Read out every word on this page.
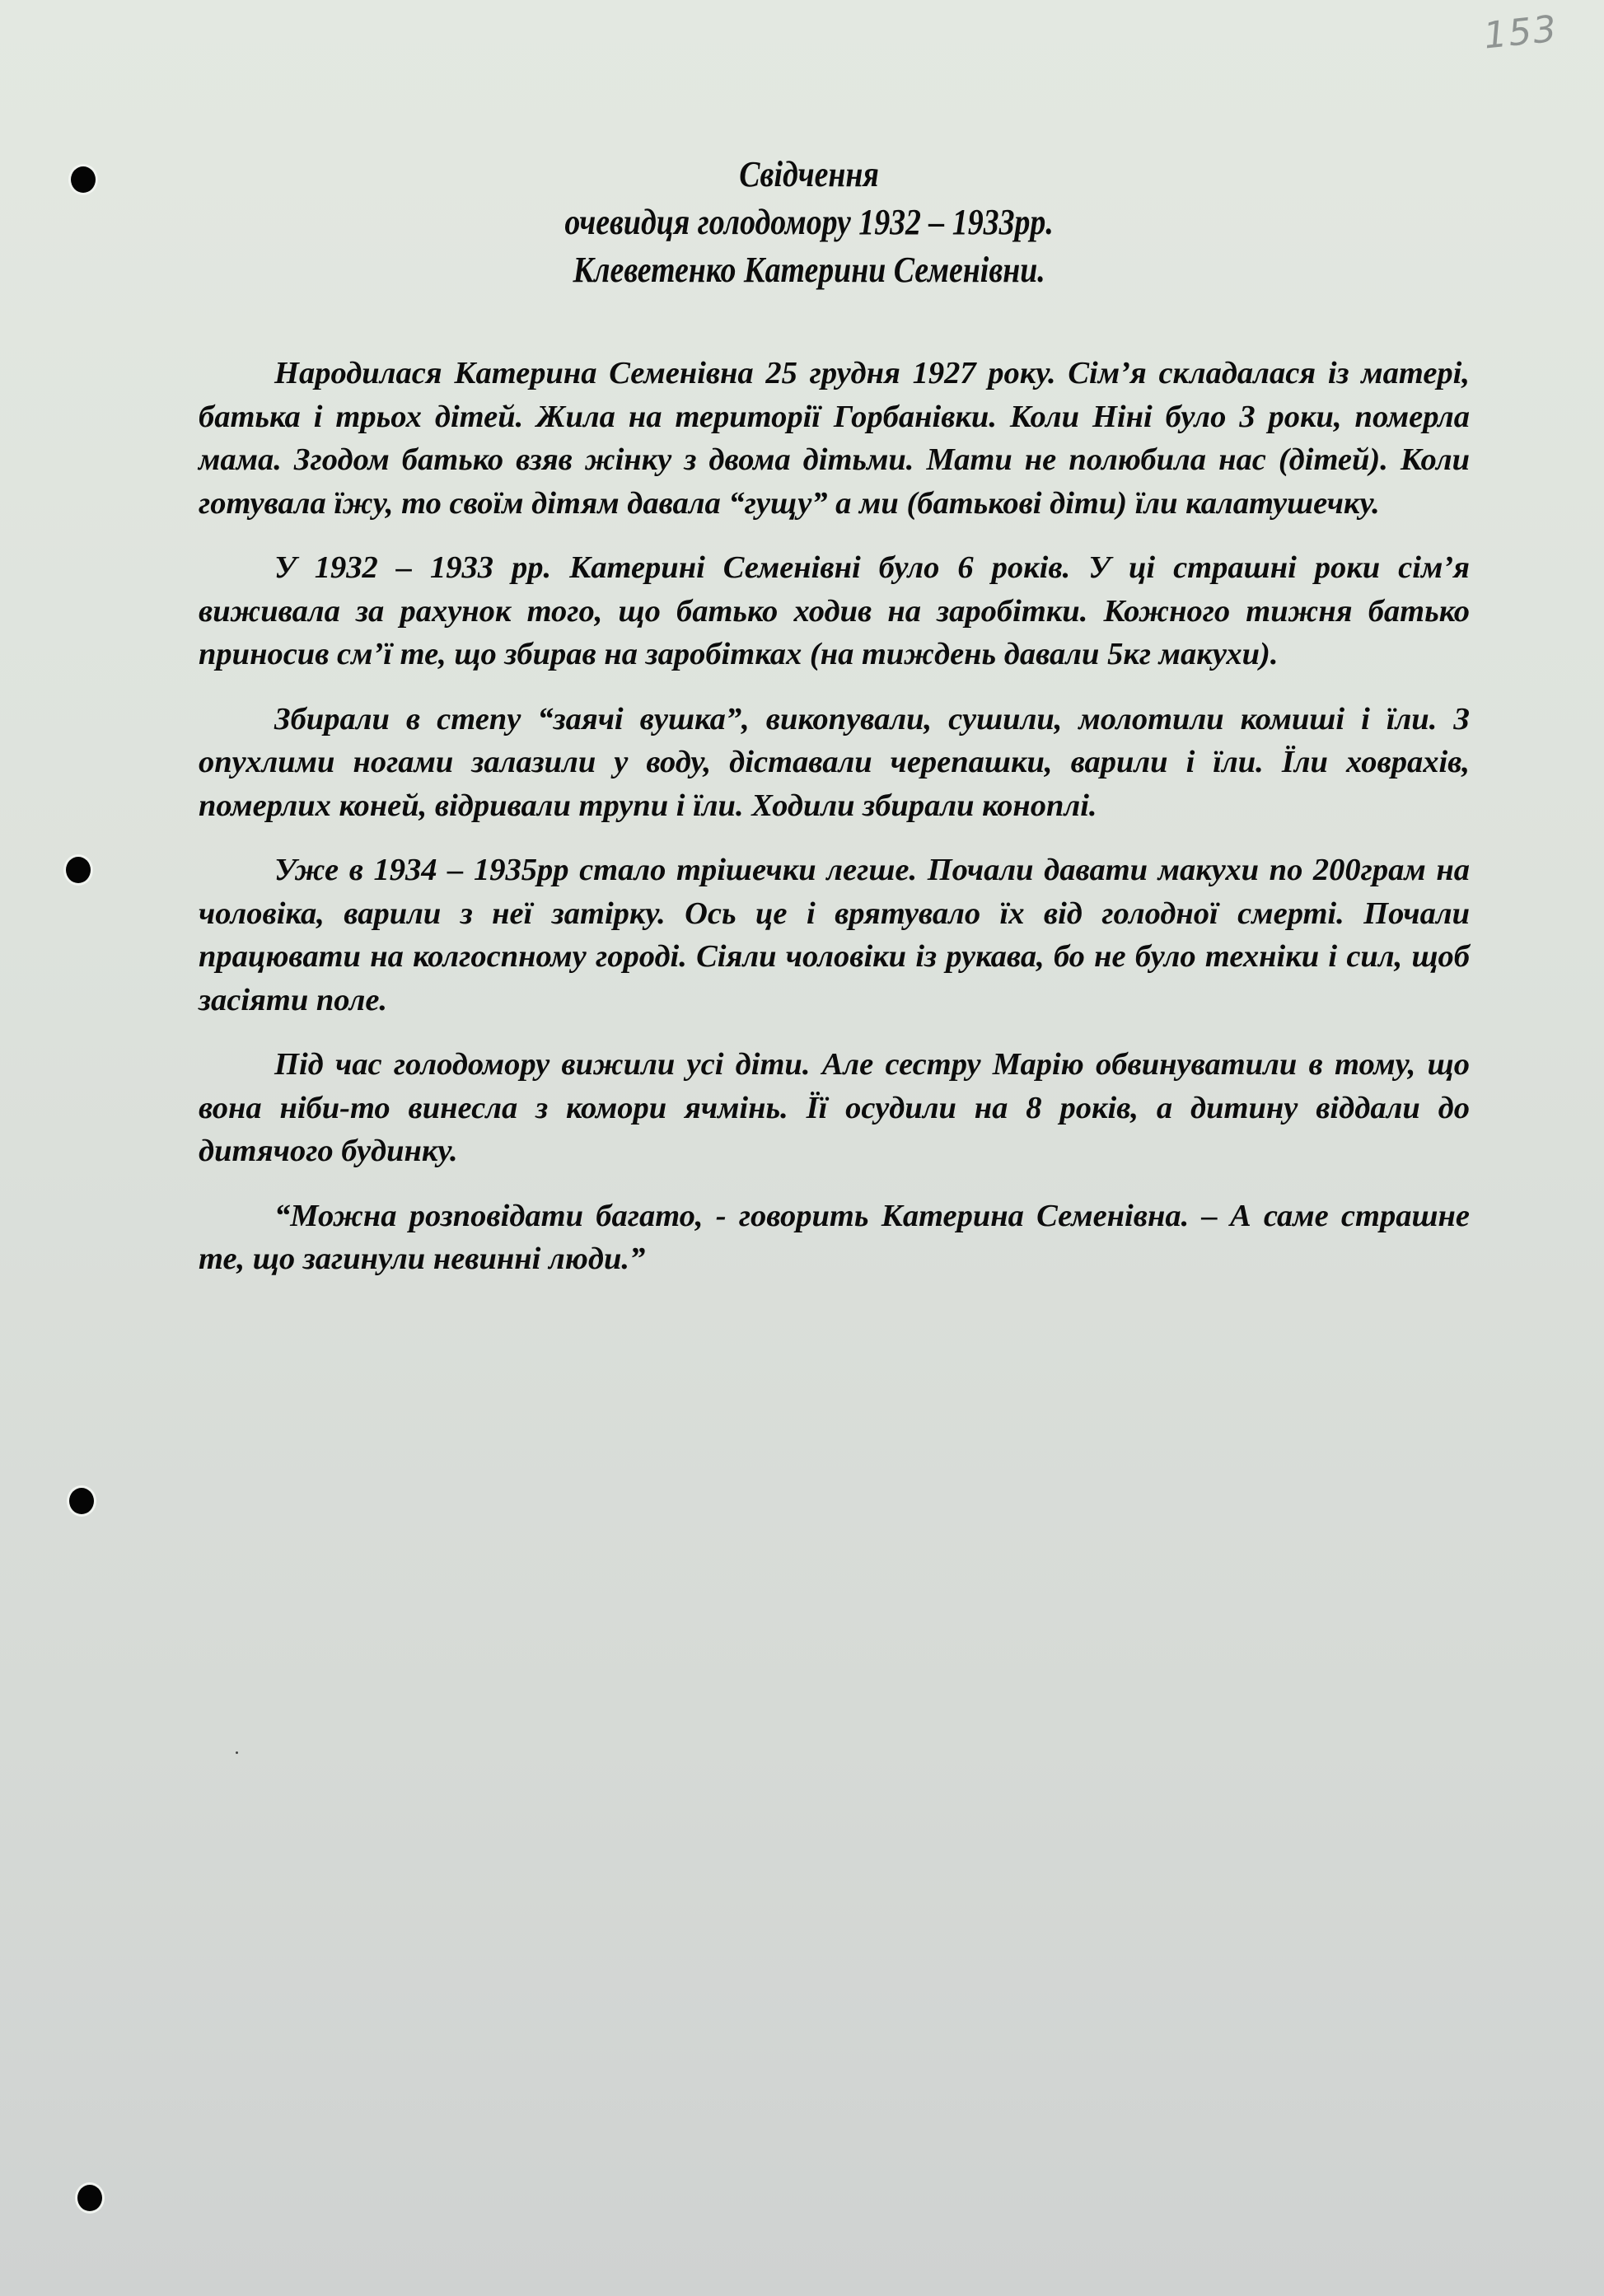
153
Свідчення
очевидця голодомору 1932 – 1933рр.
Клеветенко Катерини Семенівни.

Народилася Катерина Семенівна 25 грудня 1927 року. Сім’я складалася із матері, батька і трьох дітей. Жила на території Горбанівки. Коли Ніні було 3 роки, померла мама. Згодом батько взяв жінку з двома дітьми. Мати не полюбила нас (дітей). Коли готувала їжу, то своїм дітям давала “гущу” а ми (батькові діти) їли калатушечку.

У 1932 – 1933 рр. Катерині Семенівні було 6 років. У ці страшні роки сім’я виживала за рахунок того, що батько ходив на заробітки. Кожного тижня батько приносив см’ї те, що збирав на заробітках (на тиждень давали 5кг макухи).

Збирали в степу “заячі вушка”, викопували, сушили, молотили комиші і їли. З опухлими ногами залазили у воду, діставали черепашки, варили і їли. Їли ховрахів, померлих коней, відривали трупи і їли. Ходили збирали коноплі.

Уже в 1934 – 1935рр стало трішечки легше. Почали давати макухи по 200грам на чоловіка, варили з неї затірку. Ось це і врятувало їх від голодної смерті. Почали працювати на колгоспному городі. Сіяли чоловіки із рукава, бо не було техніки і сил, щоб засіяти поле.

Під час голодомору вижили усі діти. Але сестру Марію обвинуватили в тому, що вона ніби-то винесла з комори ячмінь. Її осудили на 8 років, а дитину віддали до дитячого будинку.

“Можна розповідати багато, - говорить Катерина Семенівна. – А саме страшне те, що загинули невинні люди.”
